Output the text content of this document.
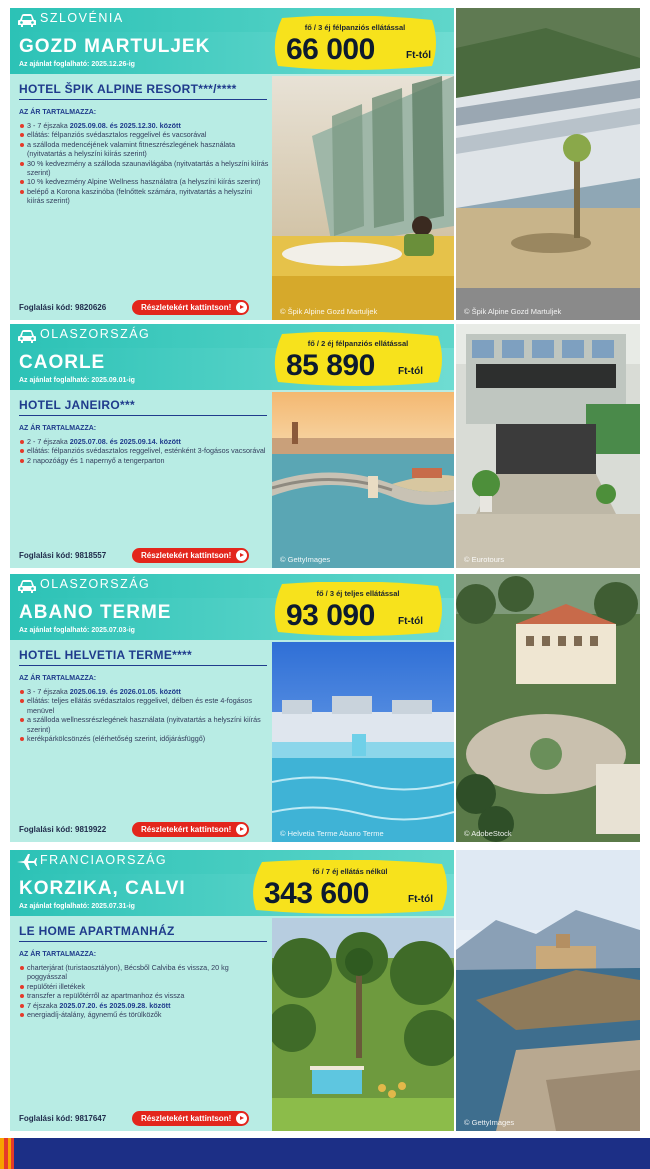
SZLOVÉNIA
GOZD MARTULJEK
Az ajánlat foglalható: 2025.12.26-ig
HOTEL ŠPIK ALPINE RESORT***/****
AZ ÁR TARTALMAZZA:
3 - 7 éjszaka 2025.09.08. és 2025.12.30. között
ellátás: félpanziós svédasztalos reggelivel és vacsorával
a szálloda medencéjének valamint fitneszrészlegének használata (nyitvatartás a helyszíni kiírás szerint)
30 % kedvezmény a szálloda szaunavilágába (nyitvatartás a helyszíni kiírás szerint)
10 % kedvezmény Alpine Wellness használatra (a helyszíni kiírás szerint)
belépő a Korona kaszinóba (felnőttek számára, nyitvatartás a helyszíni kiírás szerint)
Foglalási kód: 9820626	Részletekért kattintson!	© Špik Alpine Gozd Martuljek	© Špik Alpine Gozd Martuljek
fő / 3 éj félpanziós ellátással
66 000	Ft-tól
OLASZORSZÁG
CAORLE
Az ajánlat foglalható: 2025.09.01-ig
HOTEL JANEIRO***
AZ ÁR TARTALMAZZA:
2 - 7 éjszaka 2025.07.08. és 2025.09.14. között
ellátás: félpanziós svédasztalos reggelivel, esténként 3-fogásos vacsorával
2 napozóágy és 1 napernyő a tengerparton
Foglalási kód: 9818557	Részletekért kattintson!	© GettyImages	© Eurotours
fő / 2 éj félpanziós ellátással
85 890 Ft-tól
OLASZORSZÁG
ABANO TERME
Az ajánlat foglalható: 2025.07.03-ig
HOTEL HELVETIA TERME****
AZ ÁR TARTALMAZZA:
3 - 7 éjszaka 2025.06.19. és 2026.01.05. között
ellátás: teljes ellátás svédasztalos reggelivel, délben és este 4-fogásos menüvel
a szálloda wellnessrészlegének használata (nyitvatartás a helyszíni kiírás szerint)
kerékpárkölcsönzés (elérhetőség szerint, időjárásfüggő)
Foglalási kód: 9819922	Részletekért kattintson!	© Helvetia Terme Abano Terme	© AdobeStock
fő / 3 éj teljes ellátással
93 090 Ft-tól
FRANCIAORSZÁG
KORZIKA, CALVI
Az ajánlat foglalható: 2025.07.31-ig
LE HOME APARTMANHÁZ
AZ ÁR TARTALMAZZA:
charterjárat (turistaosztályon), Bécsből Calviba és vissza, 20 kg poggyásszal
repülőtéri illetékek
transzfer a repülőtérről az apartmanhoz és vissza
7 éjszaka 2025.07.20. és 2025.09.28. között
energiadíj-átalány, ágynemű és törülközők
Foglalási kód: 9817647	Részletekért kattintson!	© GettyImages
fő / 7 éj ellátás nélkül
343 600	Ft-tól
